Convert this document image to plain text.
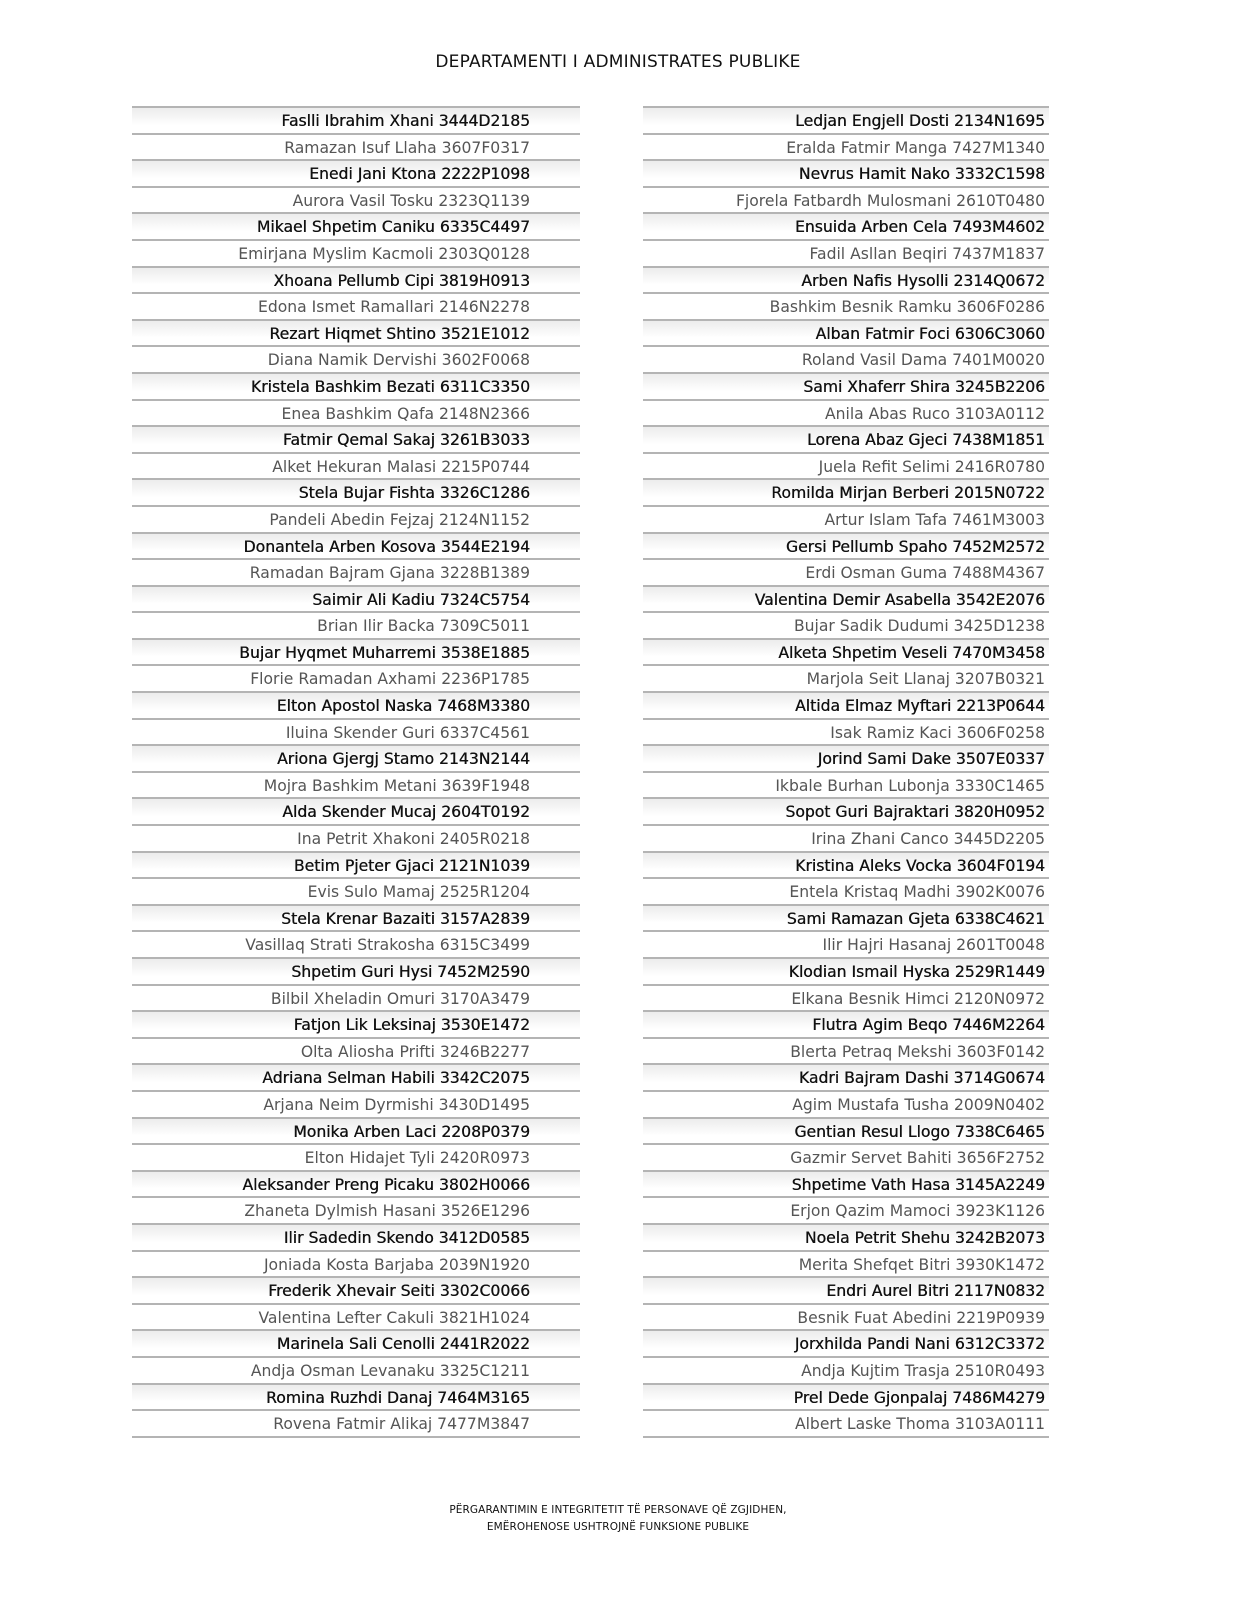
DEPARTAMENTI I ADMINISTRATES PUBLIKE
Faslli Ibrahim Xhani 3444D2185
Ramazan Isuf Llaha 3607F0317
Enedi Jani Ktona 2222P1098
Aurora Vasil Tosku 2323Q1139
Mikael Shpetim Caniku 6335C4497
Emirjana Myslim Kacmoli 2303Q0128
Xhoana Pellumb Cipi 3819H0913
Edona Ismet Ramallari 2146N2278
Rezart Hiqmet Shtino 3521E1012
Diana Namik Dervishi 3602F0068
Kristela Bashkim Bezati 6311C3350
Enea Bashkim Qafa 2148N2366
Fatmir Qemal Sakaj 3261B3033
Alket Hekuran Malasi 2215P0744
Stela Bujar Fishta 3326C1286
Pandeli Abedin Fejzaj 2124N1152
Donantela Arben Kosova 3544E2194
Ramadan Bajram Gjana 3228B1389
Saimir Ali Kadiu 7324C5754
Brian Ilir Backa 7309C5011
Bujar Hyqmet Muharremi 3538E1885
Florie Ramadan Axhami 2236P1785
Elton Apostol Naska 7468M3380
Iluina Skender Guri 6337C4561
Ariona Gjergj Stamo 2143N2144
Mojra Bashkim Metani 3639F1948
Alda Skender Mucaj 2604T0192
Ina Petrit Xhakoni 2405R0218
Betim Pjeter Gjaci 2121N1039
Evis Sulo Mamaj 2525R1204
Stela Krenar Bazaiti 3157A2839
Vasillaq Strati Strakosha 6315C3499
Shpetim Guri Hysi 7452M2590
Bilbil Xheladin Omuri 3170A3479
Fatjon Lik Leksinaj 3530E1472
Olta Aliosha Prifti 3246B2277
Adriana Selman Habili 3342C2075
Arjana Neim Dyrmishi 3430D1495
Monika Arben Laci 2208P0379
Elton Hidajet Tyli 2420R0973
Aleksander Preng Picaku 3802H0066
Zhaneta Dylmish Hasani 3526E1296
Ilir Sadedin Skendo 3412D0585
Joniada Kosta Barjaba 2039N1920
Frederik Xhevair Seiti 3302C0066
Valentina Lefter Cakuli 3821H1024
Marinela Sali Cenolli 2441R2022
Andja Osman Levanaku 3325C1211
Romina Ruzhdi Danaj 7464M3165
Rovena Fatmir Alikaj 7477M3847
Ledjan Engjell Dosti 2134N1695
Eralda Fatmir Manga 7427M1340
Nevrus Hamit Nako 3332C1598
Fjorela Fatbardh Mulosmani 2610T0480
Ensuida Arben Cela 7493M4602
Fadil Asllan Beqiri 7437M1837
Arben Nafis Hysolli 2314Q0672
Bashkim Besnik Ramku 3606F0286
Alban Fatmir Foci 6306C3060
Roland Vasil Dama 7401M0020
Sami Xhaferr Shira 3245B2206
Anila Abas Ruco 3103A0112
Lorena Abaz Gjeci 7438M1851
Juela Refit Selimi 2416R0780
Romilda Mirjan Berberi 2015N0722
Artur Islam Tafa 7461M3003
Gersi Pellumb Spaho 7452M2572
Erdi Osman Guma 7488M4367
Valentina Demir Asabella 3542E2076
Bujar Sadik Dudumi 3425D1238
Alketa Shpetim Veseli 7470M3458
Marjola Seit Llanaj 3207B0321
Altida Elmaz Myftari 2213P0644
Isak Ramiz Kaci 3606F0258
Jorind Sami Dake 3507E0337
Ikbale Burhan Lubonja 3330C1465
Sopot Guri Bajraktari 3820H0952
Irina Zhani Canco 3445D2205
Kristina Aleks Vocka 3604F0194
Entela Kristaq Madhi 3902K0076
Sami Ramazan Gjeta 6338C4621
Ilir Hajri Hasanaj 2601T0048
Klodian Ismail Hyska 2529R1449
Elkana Besnik Himci 2120N0972
Flutra Agim Beqo 7446M2264
Blerta Petraq Mekshi 3603F0142
Kadri Bajram Dashi 3714G0674
Agim Mustafa Tusha 2009N0402
Gentian Resul Llogo 7338C6465
Gazmir Servet Bahiti 3656F2752
Shpetime Vath Hasa 3145A2249
Erjon Qazim Mamoci 3923K1126
Noela Petrit Shehu 3242B2073
Merita Shefqet Bitri 3930K1472
Endri Aurel Bitri 2117N0832
Besnik Fuat Abedini 2219P0939
Jorxhilda Pandi Nani 6312C3372
Andja Kujtim Trasja 2510R0493
Prel Dede Gjonpalaj 7486M4279
Albert Laske Thoma 3103A0111
PËRGARANTIMIN E INTEGRITETIT TË PERSONAVE QË ZGJIDHEN,
EMËROHENOSE USHTROJNË FUNKSIONE PUBLIKE
